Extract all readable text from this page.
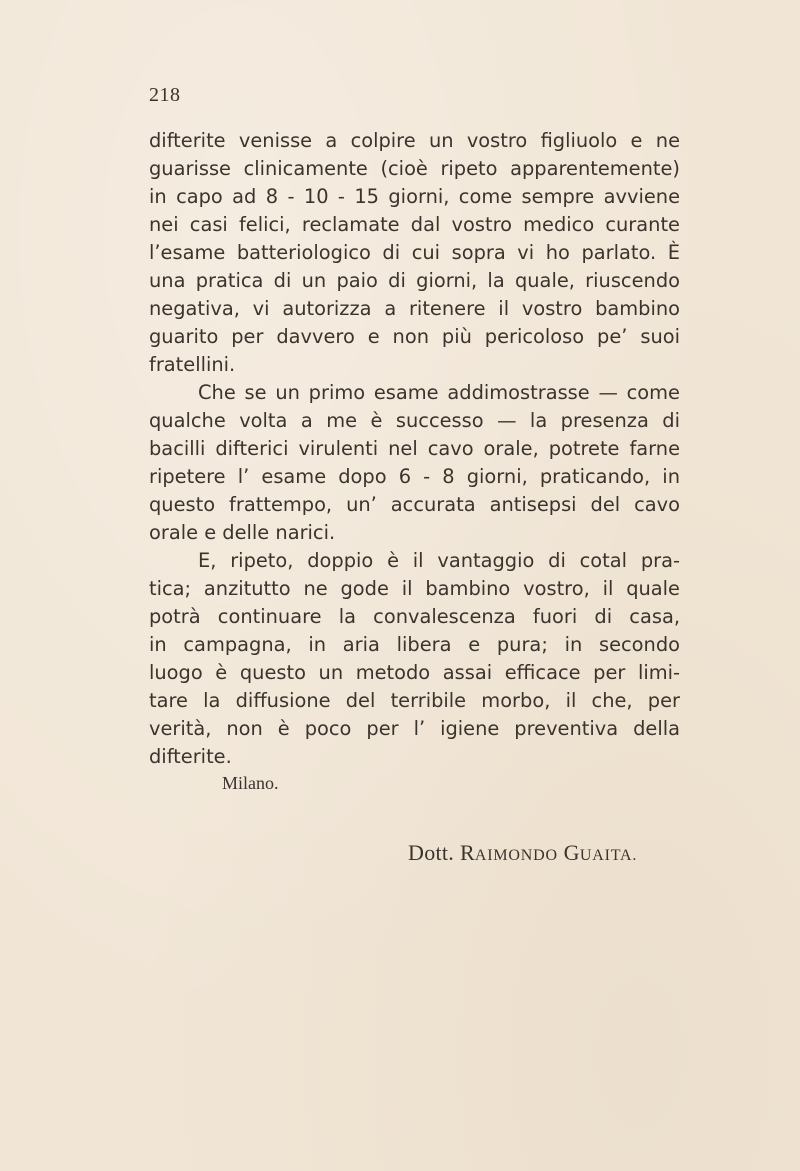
218
difterite venisse a colpire un vostro figliuolo e ne
guarisse clinicamente (cioè ripeto apparentemente)
in capo ad 8 - 10 - 15 giorni, come sempre avviene
nei casi felici, reclamate dal vostro medico curante
l’esame batteriologico di cui sopra vi ho parlato. È
una pratica di un paio di giorni, la quale, riuscendo
negativa, vi autorizza a ritenere il vostro bambino
guarito per davvero e non più pericoloso pe’ suoi
fratellini.
Che se un primo esame addimostrasse — come
qualche volta a me è successo — la presenza di
bacilli difterici virulenti nel cavo orale, potrete farne
ripetere l’ esame dopo 6 - 8 giorni, praticando, in
questo frattempo, un’ accurata antisepsi del cavo
orale e delle narici.
E, ripeto, doppio è il vantaggio di cotal pra-
tica; anzitutto ne gode il bambino vostro, il quale
potrà continuare la convalescenza fuori di casa,
in campagna, in aria libera e pura; in secondo
luogo è questo un metodo assai efficace per limi-
tare la diffusione del terribile morbo, il che, per
verità, non è poco per l’ igiene preventiva della
difterite.
Milano.
Dott. RAIMONDO GUAITA.
